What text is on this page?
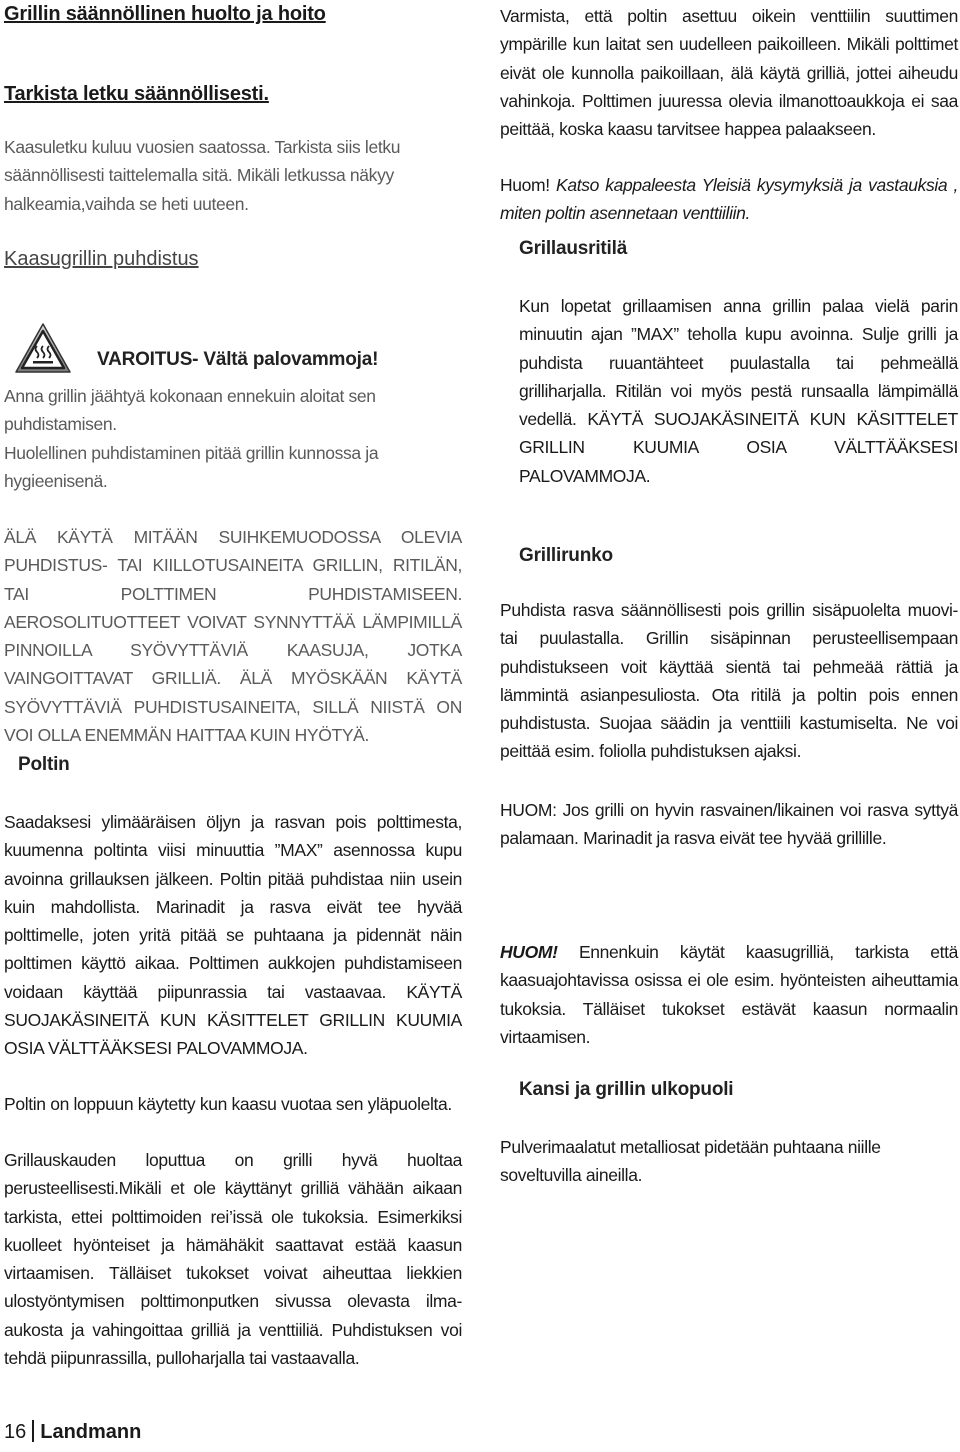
Grillin säännöllinen huolto ja hoito
Tarkista letku säännöllisesti.

Kaasuletku kuluu vuosien saatossa. Tarkista siis letku säännöllisesti taittelemalla sitä. Mikäli letkussa näkyy halkeamia,vaihda se heti uuteen.

Kaasugrillin puhdistus
VAROITUS- Vältä palovammoja!

Anna grillin jäähtyä kokonaan ennekuin aloitat sen puhdistamisen.

Huolellinen puhdistaminen pitää grillin kunnossa ja hygieenisenä.

ÄLÄ KÄYTÄ MITÄÄN SUIHKEMUODOSSA OLEVIA PUHDISTUS- TAI KIILLOTUSAINEITA GRILLIN, RITILÄN, TAI POLTTIMEN PUHDISTAMISEEN. AEROSOLITUOTTEET VOIVAT SYNNYTTÄÄ LÄMPIMILLÄ PINNOILLA SYÖVYTTÄVIÄ KAASUJA, JOTKA VAINGOITTAVAT GRILLIÄ. ÄLÄ MYÖSKÄÄN KÄYTÄ SYÖVYTTÄVIÄ PUHDISTUSAINEITA, SILLÄ NIISTÄ ON VOI OLLA ENEMMÄN HAITTAA KUIN HYÖTYÄ.

Poltin

Saadaksesi ylimääräisen öljyn ja rasvan pois polttimesta, kuumenna poltinta viisi minuuttia ”MAX” asennossa kupu avoinna grillauksen jälkeen. Poltin pitää puhdistaa niin usein kuin mahdollista. Marinadit ja rasva eivät tee hyvää polttimelle, joten yritä pitää se puhtaana ja pidennät näin polttimen käyttö aikaa. Polttimen aukkojen puhdistamiseen voidaan käyttää piipunrassia tai vastaavaa. KÄYTÄ SUOJAKÄSINEITÄ KUN KÄSITTELET GRILLIN KUUMIA OSIA VÄLTTÄÄKSESI PALOVAMMOJA.

Poltin on loppuun käytetty kun kaasu vuotaa sen yläpuolelta.

Grillauskauden loputtua on grilli hyvä huoltaa perusteellisesti.Mikäli et ole käyttänyt grilliä vähään aikaan tarkista, ettei polttimoiden rei’issä ole tukoksia. Esimerkiksi kuolleet hyönteiset ja hämähäkit saattavat estää kaasun virtaamisen. Tälläiset tukokset voivat aiheuttaa liekkien ulostyöntymisen polttimonputken sivussa olevasta ilma-aukosta ja vahingoittaa grilliä ja venttiiliä. Puhdistuksen voi tehdä piipunrassilla, pulloharjalla tai vastaavalla.

16 Landmann

Varmista, että poltin asettuu oikein venttiilin suuttimen ympärille kun laitat sen uudelleen paikoilleen. Mikäli polttimet eivät ole kunnolla paikoillaan, älä käytä grilliä, jottei aiheudu vahinkoja. Polttimen juuressa olevia ilmanottoaukkoja ei saa peittää, koska kaasu tarvitsee happea palaakseen.

Huom! Katso kappaleesta Yleisiä kysymyksiä ja vastauksia , miten poltin asennetaan venttiiliin.

Grillausritilä

Kun lopetat grillaamisen anna grillin palaa vielä parin minuutin ajan ”MAX” teholla kupu avoinna. Sulje grilli ja puhdista ruuantähteet puulastalla tai pehmeällä grilliharjalla. Ritilän voi myös pestä runsaalla lämpimällä vedellä. KÄYTÄ SUOJAKÄSINEITÄ KUN KÄSITTELET GRILLIN KUUMIA OSIA VÄLTTÄÄKSESI PALOVAMMOJA.

Grillirunko

Puhdista rasva säännöllisesti pois grillin sisäpuolelta muovi- tai puulastalla. Grillin sisäpinnan perusteellisempaan puhdistukseen voit käyttää sientä tai pehmeää rättiä ja lämmintä asianpesuliosta. Ota ritilä ja poltin pois ennen puhdistusta. Suojaa säädin ja venttiili kastumiselta. Ne voi peittää esim. foliolla puhdistuksen ajaksi.

HUOM: Jos grilli on hyvin rasvainen/likainen voi rasva syttyä palamaan. Marinadit ja rasva eivät tee hyvää grillille.

HUOM! Ennenkuin käytät kaasugrilliä, tarkista että kaasuajohtavissa osissa ei ole esim. hyönteisten aiheuttamia tukoksia. Tälläiset tukokset estävät kaasun normaalin virtaamisen.

Kansi ja grillin ulkopuoli

Pulverimaalatut metalliosat pidetään puhtaana niille soveltuvilla aineilla.
